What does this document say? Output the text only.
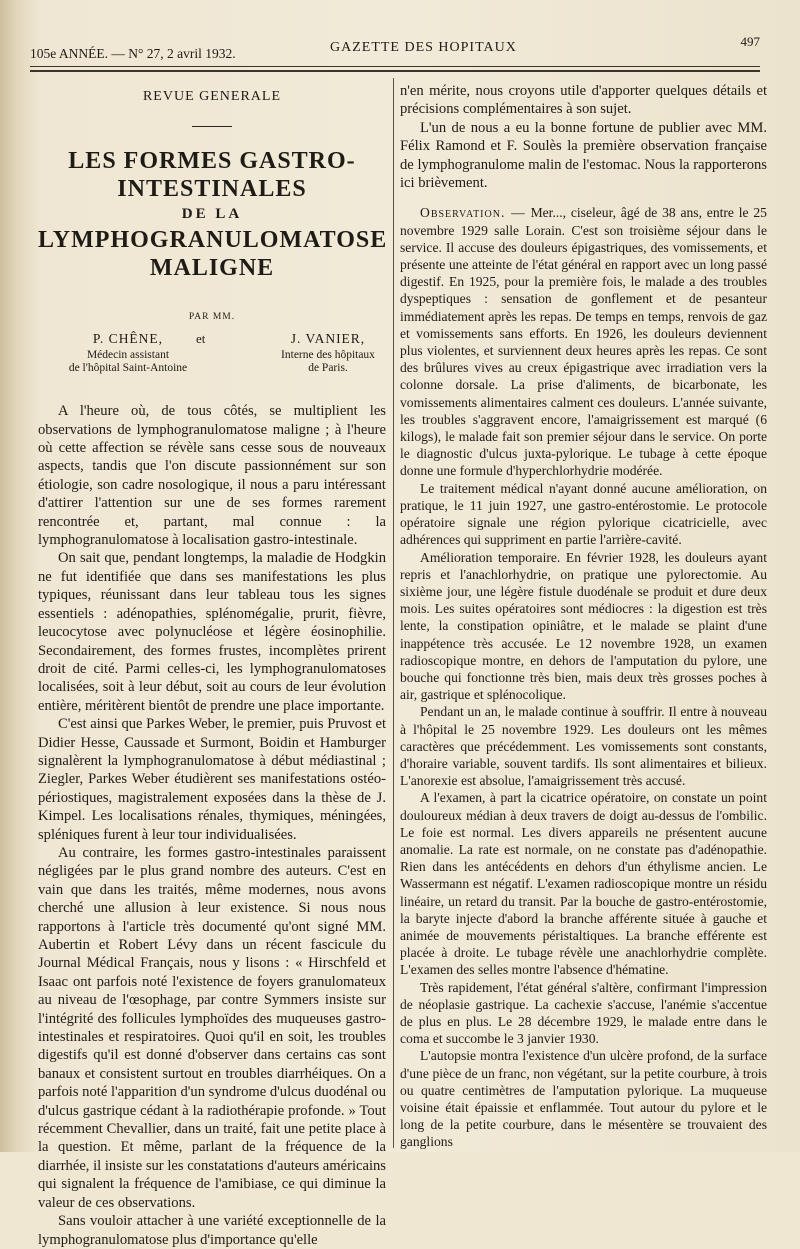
105e ANNÉE. — N° 27, 2 avril 1932.	GAZETTE DES HOPITAUX	497
REVUE GENERALE
LES FORMES GASTRO-INTESTINALES
DE LA
LYMPHOGRANULOMATOSE MALIGNE
PAR MM.
P. CHÊNE,
Médecin assistant
de l'hôpital Saint-Antoine
et	J. VANIER,
Interne des hôpitaux
de Paris.

A l'heure où, de tous côtés, se multiplient les observations de lymphogranulomatose maligne ; à l'heure où cette affection se révèle sans cesse sous de nouveaux aspects, tandis que l'on discute passionnément sur son étiologie, son cadre nosologique, il nous a paru intéressant d'attirer l'attention sur une de ses formes rarement rencontrée et, partant, mal connue : la lymphogranulomatose à localisation gastro-intestinale.

On sait que, pendant longtemps, la maladie de Hodgkin ne fut identifiée que dans ses manifestations les plus typiques, réunissant dans leur tableau tous les signes essentiels : adénopathies, splénomégalie, prurit, fièvre, leucocytose avec polynucléose et légère éosinophilie. Secondairement, des formes frustes, incomplètes prirent droit de cité. Parmi celles-ci, les lymphogranulomatoses localisées, soit à leur début, soit au cours de leur évolution entière, méritèrent bientôt de prendre une place importante.

C'est ainsi que Parkes Weber, le premier, puis Pruvost et Didier Hesse, Caussade et Surmont, Boidin et Hamburger signalèrent la lymphogranulomatose à début médiastinal ; Ziegler, Parkes Weber étudièrent ses manifestations ostéo-périostiques, magistralement exposées dans la thèse de J. Kimpel. Les localisations rénales, thymiques, méningées, spléniques furent à leur tour individualisées.

Au contraire, les formes gastro-intestinales paraissent négligées par le plus grand nombre des auteurs. C'est en vain que dans les traités, même modernes, nous avons cherché une allusion à leur existence. Si nous nous rapportons à l'article très documenté qu'ont signé MM. Aubertin et Robert Lévy dans un récent fascicule du Journal Médical Français, nous y lisons : « Hirschfeld et Isaac ont parfois noté l'existence de foyers granulomateux au niveau de l'œsophage, par contre Symmers insiste sur l'intégrité des follicules lymphoïdes des muqueuses gastro-intestinales et respiratoires. Quoi qu'il en soit, les troubles digestifs qu'il est donné d'observer dans certains cas sont banaux et consistent surtout en troubles diarrhéiques. On a parfois noté l'apparition d'un syndrome d'ulcus duodénal ou d'ulcus gastrique cédant à la radiothérapie profonde. » Tout récemment Chevallier, dans un traité, fait une petite place à la question. Et même, parlant de la fréquence de la diarrhée, il insiste sur les constatations d'auteurs américains qui signalent la fréquence de l'amibiase, ce qui diminue la valeur de ces observations.

Sans vouloir attacher à une variété exceptionnelle de la lymphogranulomatose plus d'importance qu'elle

n'en mérite, nous croyons utile d'apporter quelques détails et précisions complémentaires à son sujet.

L'un de nous a eu la bonne fortune de publier avec MM. Félix Ramond et F. Soulès la première observation française de lymphogranulome malin de l'estomac. Nous la rapporterons ici brièvement.

Observation. — Mer..., ciseleur, âgé de 38 ans, entre le 25 novembre 1929 salle Lorain. C'est son troisième séjour dans le service. Il accuse des douleurs épigastriques, des vomissements, et présente une atteinte de l'état général en rapport avec un long passé digestif. En 1925, pour la première fois, le malade a des troubles dyspeptiques : sensation de gonflement et de pesanteur immédiatement après les repas. De temps en temps, renvois de gaz et vomissements sans efforts. En 1926, les douleurs deviennent plus violentes, et surviennent deux heures après les repas. Ce sont des brûlures vives au creux épigastrique avec irradiation vers la colonne dorsale. La prise d'aliments, de bicarbonate, les vomissements alimentaires calment ces douleurs. L'année suivante, les troubles s'aggravent encore, l'amaigrissement est marqué (6 kilogs), le malade fait son premier séjour dans le service. On porte le diagnostic d'ulcus juxta-pylorique. Le tubage à cette époque donne une formule d'hyperchlorhydrie modérée.

Le traitement médical n'ayant donné aucune amélioration, on pratique, le 11 juin 1927, une gastro-entérostomie. Le protocole opératoire signale une région pylorique cicatricielle, avec adhérences qui suppriment en partie l'arrière-cavité.

Amélioration temporaire. En février 1928, les douleurs ayant repris et l'anachlorhydrie, on pratique une pylorectomie. Au sixième jour, une légère fistule duodénale se produit et dure deux mois. Les suites opératoires sont médiocres : la digestion est très lente, la constipation opiniâtre, et le malade se plaint d'une inappétence très accusée. Le 12 novembre 1928, un examen radioscopique montre, en dehors de l'amputation du pylore, une bouche qui fonctionne très bien, mais deux très grosses poches à air, gastrique et splénocolique.

Pendant un an, le malade continue à souffrir. Il entre à nouveau à l'hôpital le 25 novembre 1929. Les douleurs ont les mêmes caractères que précédemment. Les vomissements sont constants, d'horaire variable, souvent tardifs. Ils sont alimentaires et bilieux. L'anorexie est absolue, l'amaigrissement très accusé.

A l'examen, à part la cicatrice opératoire, on constate un point douloureux médian à deux travers de doigt au-dessus de l'ombilic. Le foie est normal. Les divers appareils ne présentent aucune anomalie. La rate est normale, on ne constate pas d'adénopathie. Rien dans les antécédents en dehors d'un éthylisme ancien. Le Wassermann est négatif. L'examen radioscopique montre un résidu linéaire, un retard du transit. Par la bouche de gastro-entérostomie, la baryte injecte d'abord la branche afférente située à gauche et animée de mouvements péristaltiques. La branche efférente est placée à droite. Le tubage révèle une anachlorhydrie complète. L'examen des selles montre l'absence d'hématine.

Très rapidement, l'état général s'altère, confirmant l'impression de néoplasie gastrique. La cachexie s'accuse, l'anémie s'accentue de plus en plus. Le 28 décembre 1929, le malade entre dans le coma et succombe le 3 janvier 1930.

L'autopsie montra l'existence d'un ulcère profond, de la surface d'une pièce de un franc, non végétant, sur la petite courbure, à trois ou quatre centimètres de l'amputation pylorique. La muqueuse voisine était épaissie et enflammée. Tout autour du pylore et le long de la petite courbure, dans le mésentère se trouvaient des ganglions
